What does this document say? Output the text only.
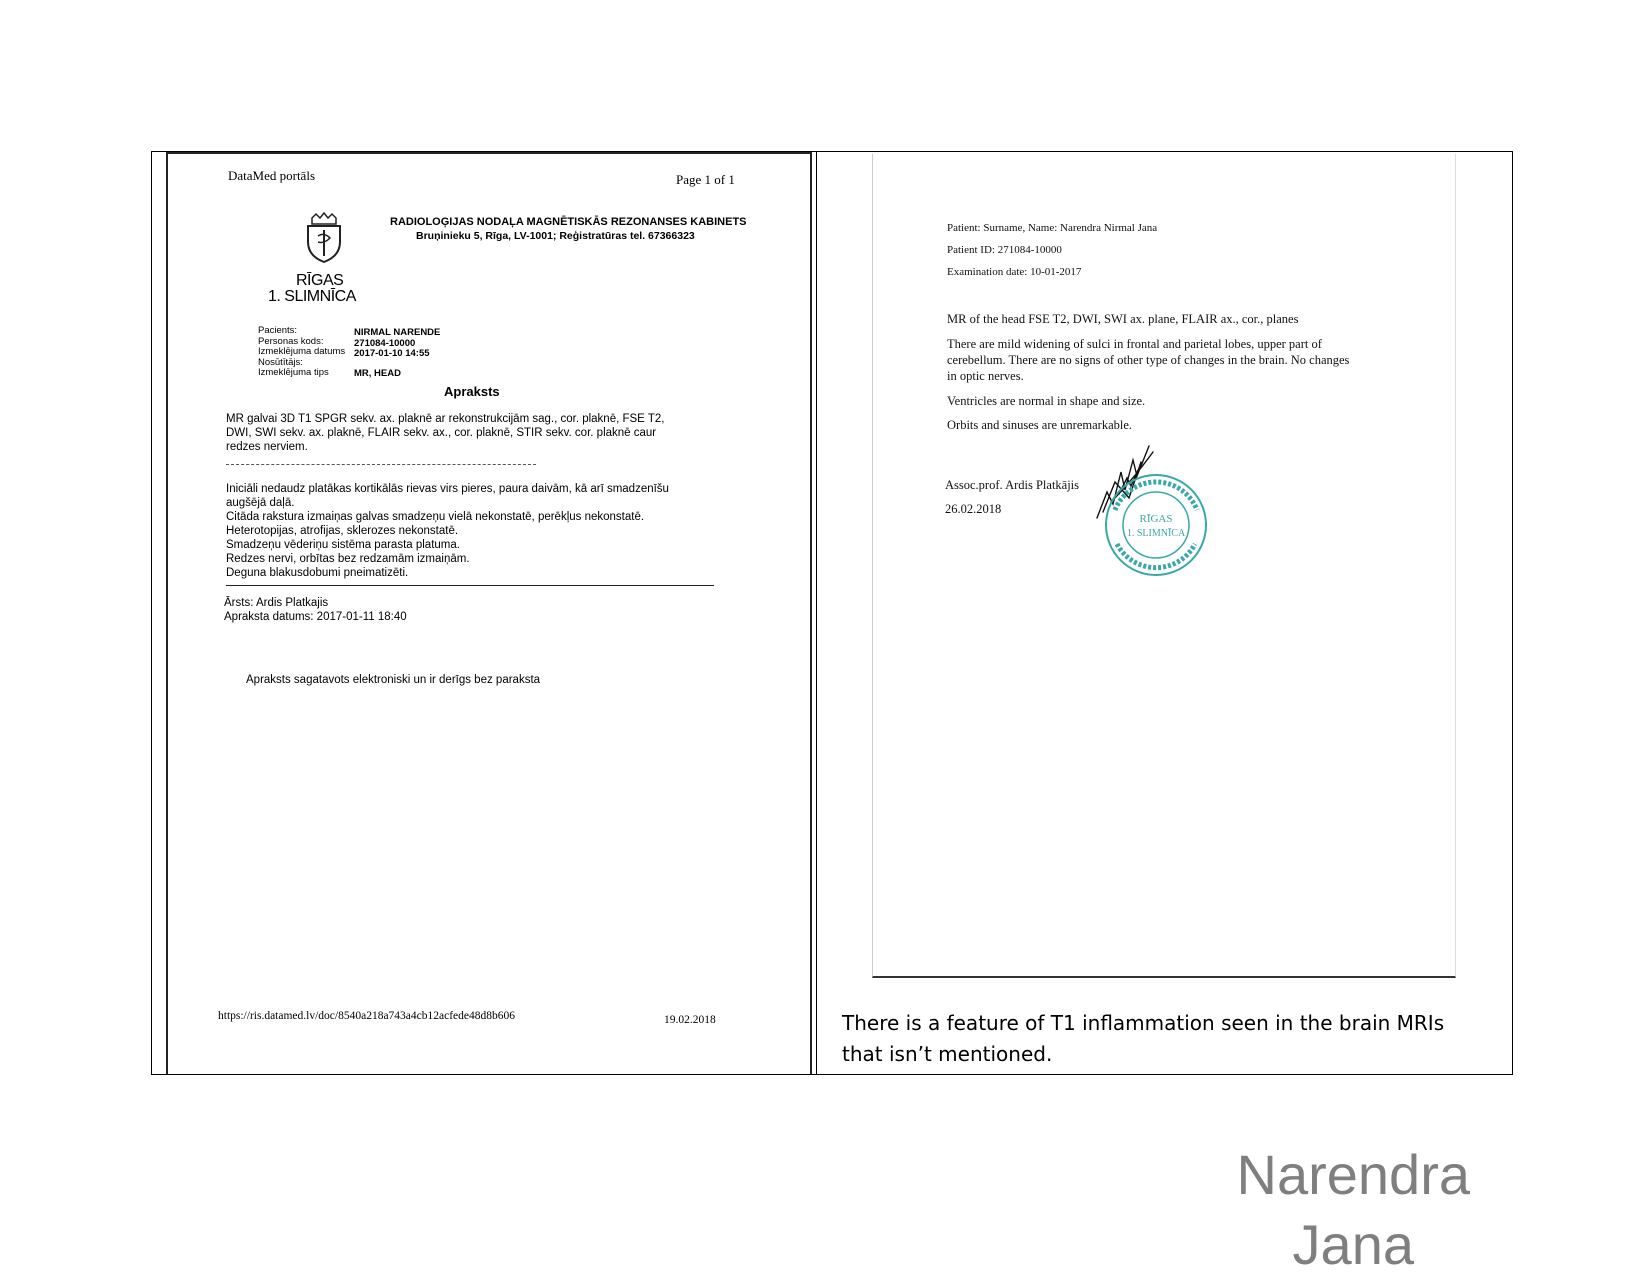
DataMed portāls	Page 1 of 1
RĪGAS
1. SLIMNĪCA
RADIOLOĢIJAS NODAĻA MAGNĒTISKĀS REZONANSES KABINETS
Bruņinieku 5, Rīga, LV-1001; Reģistratūras tel. 67366323
Pacients:
Personas kods:
Izmeklējuma datums
Nosūtītājs:
Izmeklējuma tips
NIRMAL NARENDE
271084-10000
2017-01-10 14:55
MR, HEAD
Apraksts
MR galvai 3D T1 SPGR sekv. ax. plaknē ar rekonstrukcijām sag., cor. plaknē, FSE T2,
DWI, SWI sekv. ax. plaknē, FLAIR sekv. ax., cor. plaknē, STIR sekv. cor. plaknē caur
redzes nerviem.
Iniciāli nedaudz platākas kortikālās rievas virs pieres, paura daivām, kā arī smadzenīšu
augšējā daļā.
Citāda rakstura izmaiņas galvas smadzeņu vielā nekonstatē, perēkļus nekonstatē.
Heterotopijas, atrofijas, sklerozes nekonstatē.
Smadzeņu vēderiņu sistēma parasta platuma.
Redzes nervi, orbītas bez redzamām izmaiņām.
Deguna blakusdobumi pneimatizēti.
Ārsts: Ardis Platkajis
Apraksta datums: 2017-01-11 18:40
Apraksts sagatavots elektroniski un ir derīgs bez paraksta
https://ris.datamed.lv/doc/8540a218a743a4cb12acfede48d8b606	19.02.2018
Patient: Surname, Name: Narendra Nirmal Jana
Patient ID: 271084-10000
Examination date: 10-01-2017
MR of the head FSE T2, DWI, SWI ax. plane, FLAIR ax., cor., planes
There are mild widening of sulci in frontal and parietal lobes, upper part of
cerebellum. There are no signs of other type of changes in the brain. No changes
in optic nerves.
Ventricles are normal in shape and size.
Orbits and sinuses are unremarkable.
Assoc.prof. Ardis Platkājis
26.02.2018
RĪGAS
1. SLIMNĪCA
There is a feature of T1 inflammation seen in the brain MRIs that isn’t mentioned.
Narendra
Jana
